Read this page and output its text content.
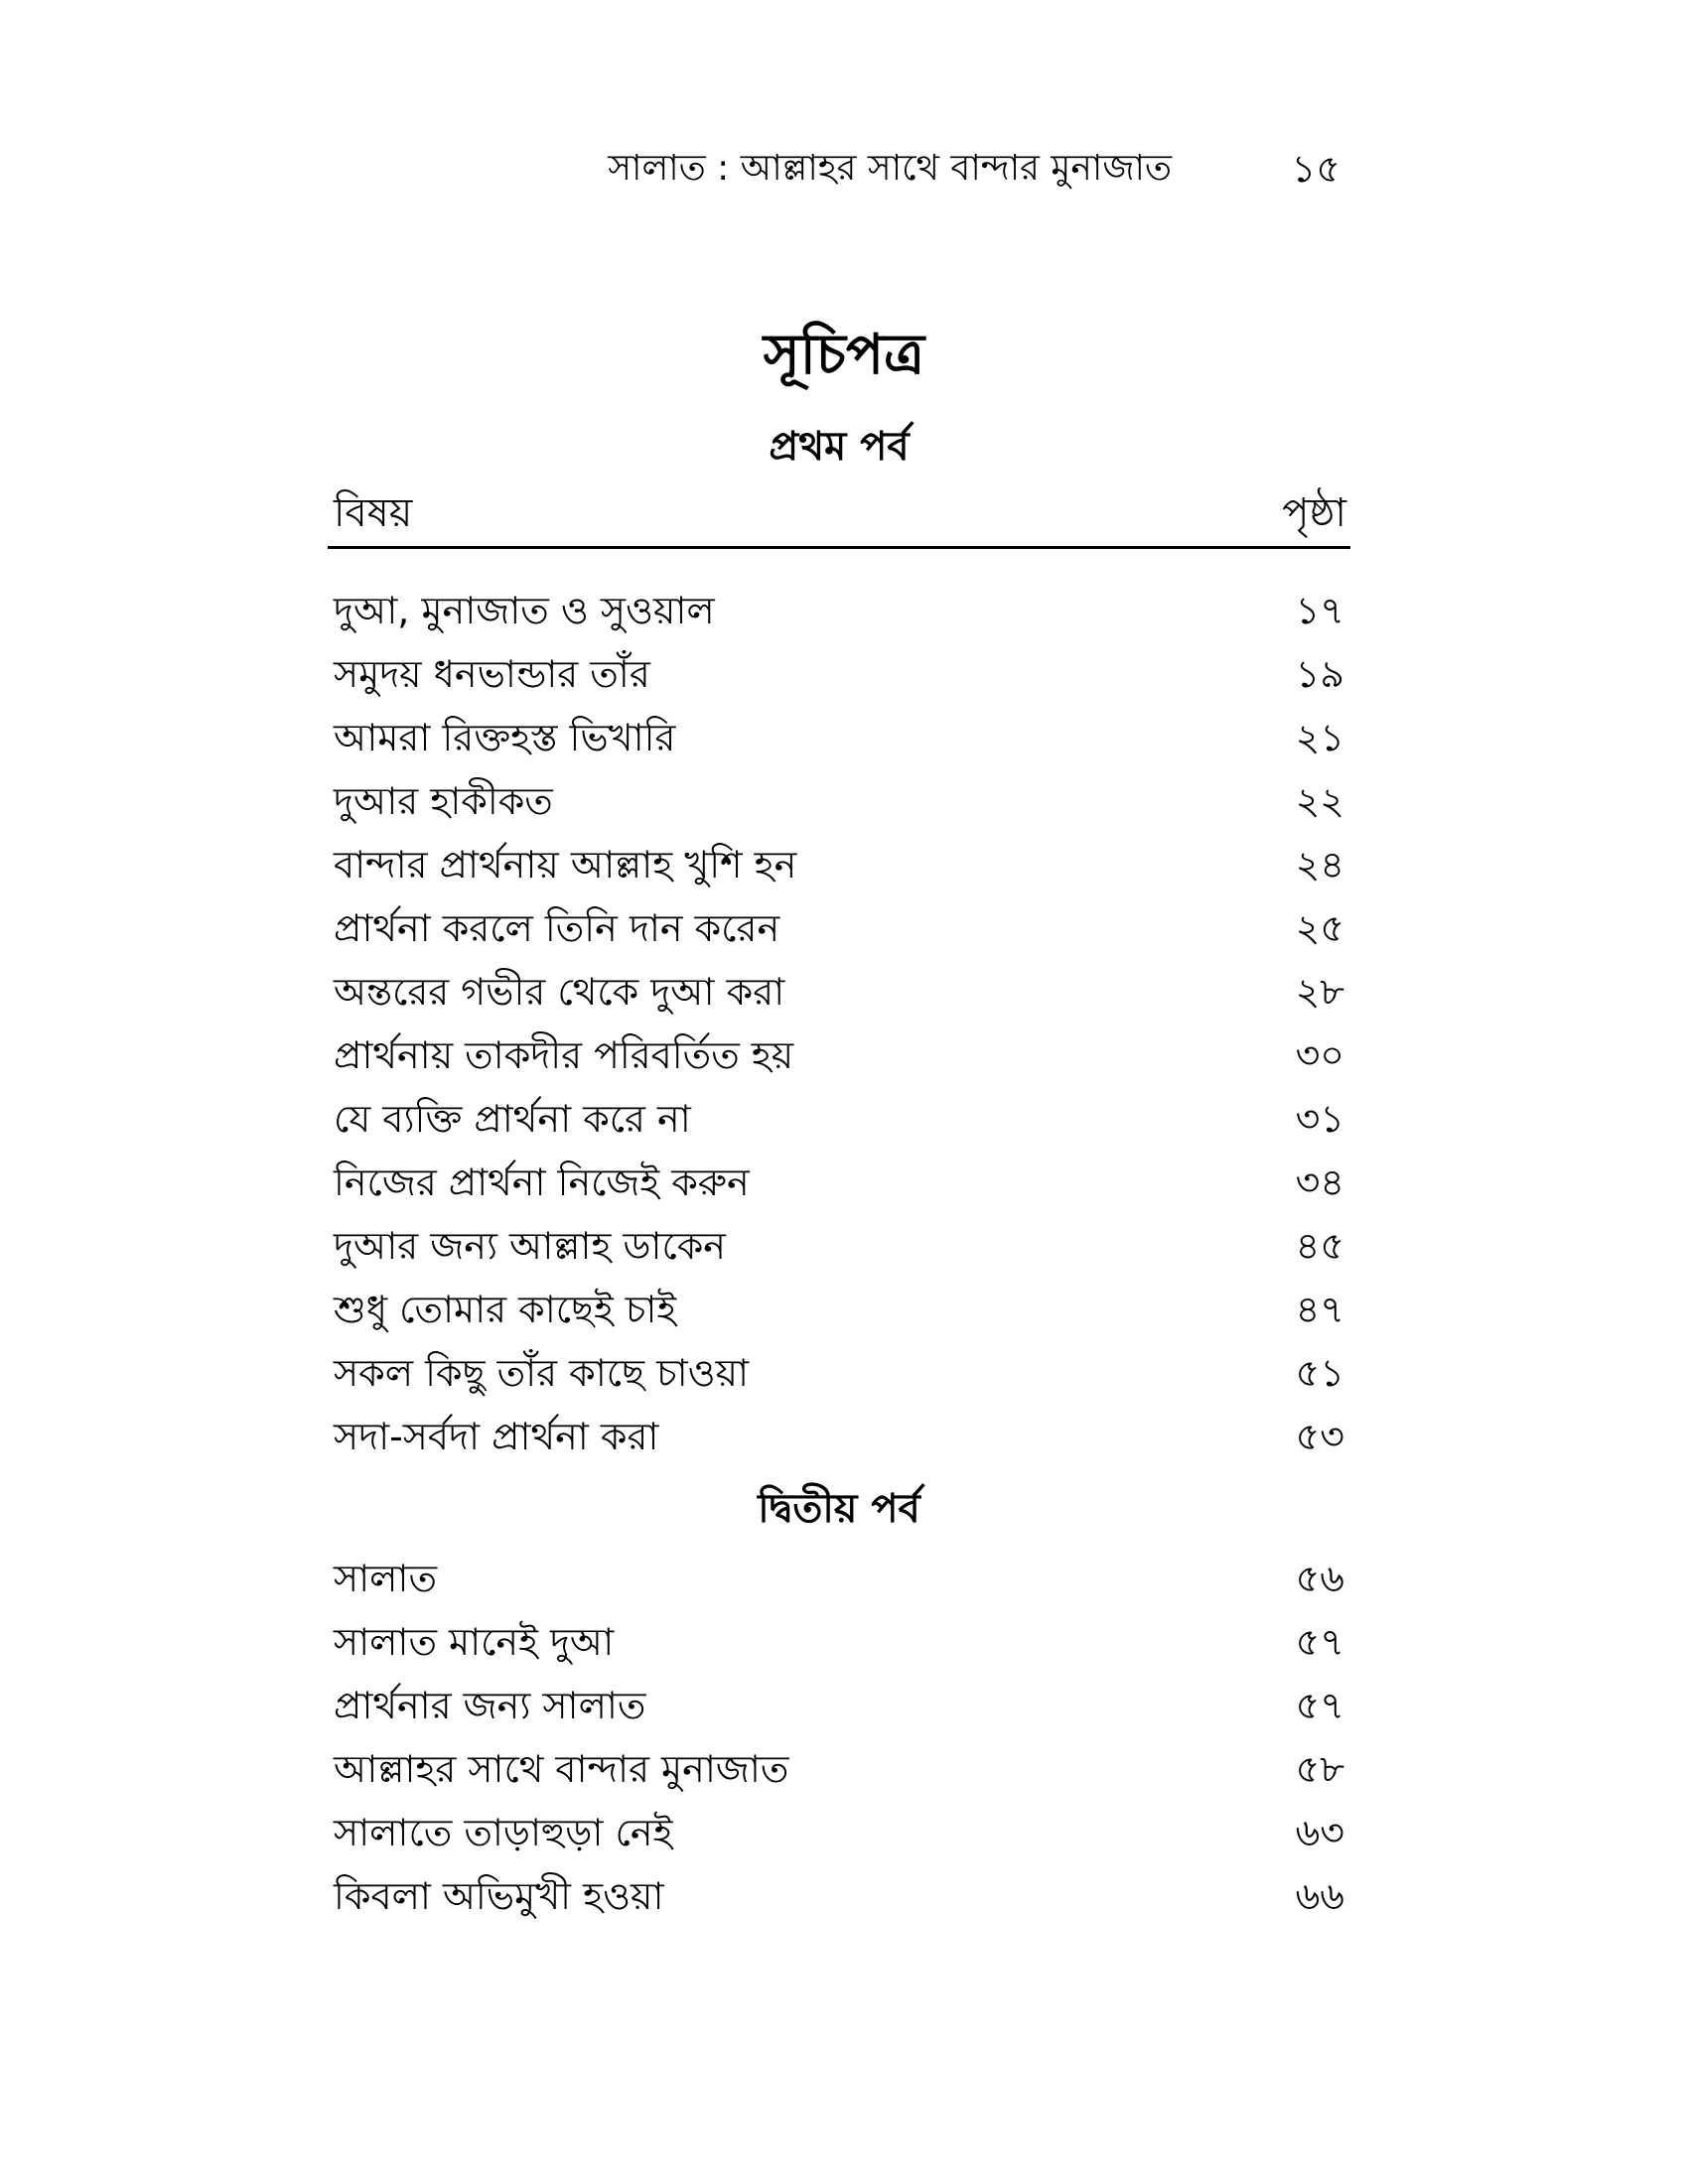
সালাত : আল্লাহর সাথে বান্দার মুনাজাত	১৫
সূচিপত্র
প্রথম পর্ব
বিষয়	পৃষ্ঠা
দুআ, মুনাজাত ও সুওয়াল	১৭
সমুদয় ধনভান্ডার তাঁর	১৯
আমরা রিক্তহস্ত ভিখারি	২১
দুআর হাকীকত	২২
বান্দার প্রার্থনায় আল্লাহ খুশি হন	২৪
প্রার্থনা করলে তিনি দান করেন	২৫
অন্তরের গভীর থেকে দুআ করা	২৮
প্রার্থনায় তাকদীর পরিবর্তিত হয়	৩০
যে ব্যক্তি প্রার্থনা করে না	৩১
নিজের প্রার্থনা নিজেই করুন	৩৪
দুআর জন্য আল্লাহ ডাকেন	৪৫
শুধু তোমার কাছেই চাই	৪৭
সকল কিছু তাঁর কাছে চাওয়া	৫১
সদা-সর্বদা প্রার্থনা করা	৫৩
দ্বিতীয় পর্ব
সালাত	৫৬
সালাত মানেই দুআ	৫৭
প্রার্থনার জন্য সালাত	৫৭
আল্লাহর সাথে বান্দার মুনাজাত	৫৮
সালাতে তাড়াহুড়া নেই	৬৩
কিবলা অভিমুখী হওয়া	৬৬
